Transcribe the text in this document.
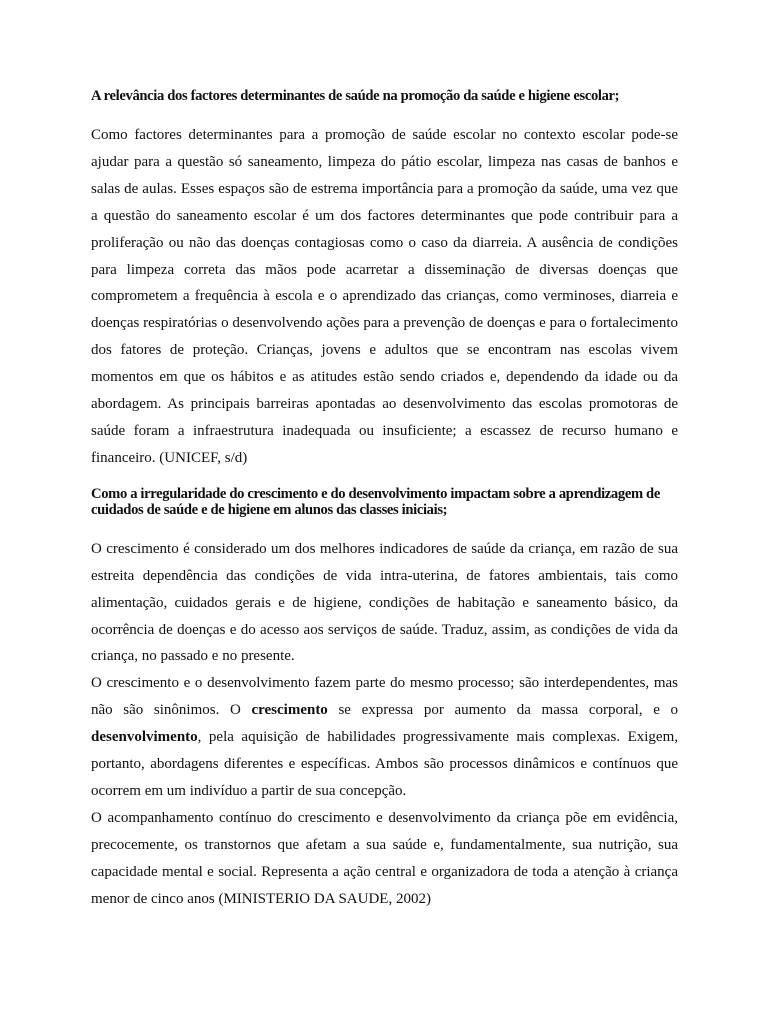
A relevância dos factores determinantes de saúde na promoção da saúde e higiene escolar;

Como factores determinantes para a promoção de saúde escolar no contexto escolar pode-se ajudar para a questão só saneamento, limpeza do pátio escolar, limpeza nas casas de banhos e salas de aulas. Esses espaços são de estrema importância para a promoção da saúde, uma vez que a questão do saneamento escolar é um dos factores determinantes que pode contribuir para a proliferação ou não das doenças contagiosas como o caso da diarreia. A ausência de condições para limpeza correta das mãos pode acarretar a disseminação de diversas doenças que comprometem a frequência à escola e o aprendizado das crianças, como verminoses, diarreia e doenças respiratórias o desenvolvendo ações para a prevenção de doenças e para o fortalecimento dos fatores de proteção. Crianças, jovens e adultos que se encontram nas escolas vivem momentos em que os hábitos e as atitudes estão sendo criados e, dependendo da idade ou da abordagem. As principais barreiras apontadas ao desenvolvimento das escolas promotoras de saúde foram a infraestrutura inadequada ou insuficiente; a escassez de recurso humano e financeiro. (UNICEF, s/d)

Como a irregularidade do crescimento e do desenvolvimento impactam sobre a aprendizagem de cuidados de saúde e de higiene em alunos das classes iniciais;

O crescimento é considerado um dos melhores indicadores de saúde da criança, em razão de sua estreita dependência das condições de vida intra-uterina, de fatores ambientais, tais como alimentação, cuidados gerais e de higiene, condições de habitação e saneamento básico, da ocorrência de doenças e do acesso aos serviços de saúde. Traduz, assim, as condições de vida da criança, no passado e no presente.

O crescimento e o desenvolvimento fazem parte do mesmo processo; são interdependentes, mas não são sinônimos. O crescimento se expressa por aumento da massa corporal, e o desenvolvimento, pela aquisição de habilidades progressivamente mais complexas. Exigem, portanto, abordagens diferentes e específicas. Ambos são processos dinâmicos e contínuos que ocorrem em um indivíduo a partir de sua concepção.

O acompanhamento contínuo do crescimento e desenvolvimento da criança põe em evidência, precocemente, os transtornos que afetam a sua saúde e, fundamentalmente, sua nutrição, sua capacidade mental e social. Representa a ação central e organizadora de toda a atenção à criança menor de cinco anos (MINISTERIO DA SAUDE, 2002)
